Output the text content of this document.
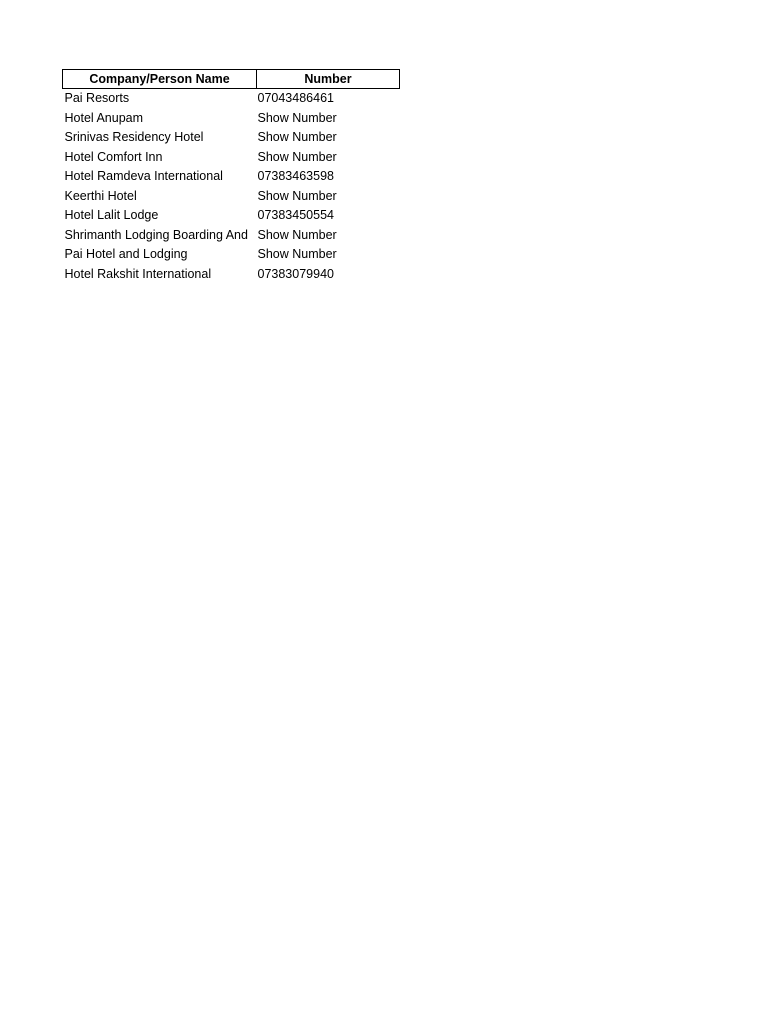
Company/Person Name	Number
Pai Resorts	07043486461
Hotel Anupam	Show Number
Srinivas Residency Hotel	Show Number
Hotel Comfort Inn	Show Number
Hotel Ramdeva International	07383463598
Keerthi Hotel	Show Number
Hotel Lalit Lodge	07383450554
Shrimanth Lodging Boarding And	Show Number
Pai Hotel and Lodging	Show Number
Hotel Rakshit International	07383079940
